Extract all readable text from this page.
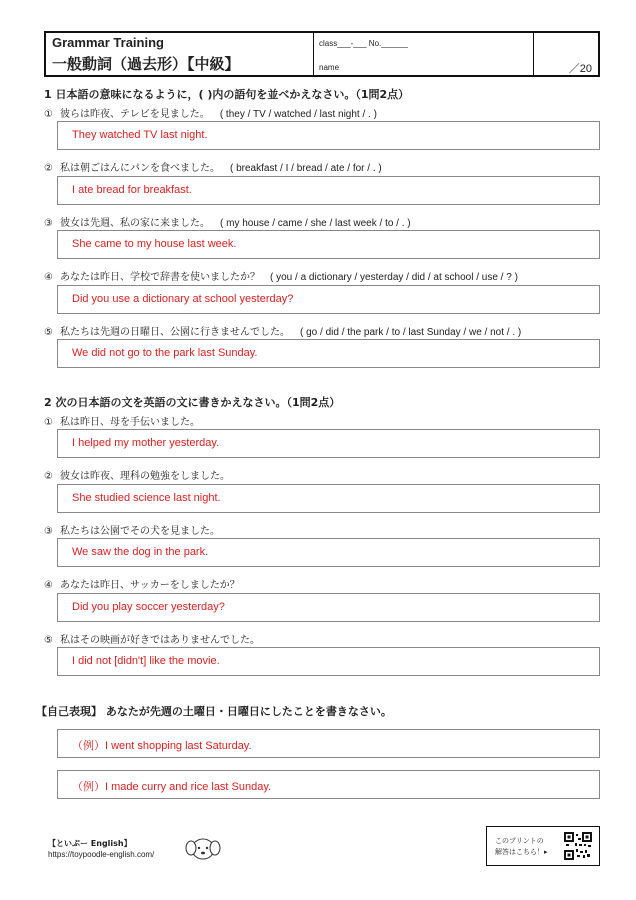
Grammar Training
一般動詞（過去形）【中級】
class___-___ No.______
name	／20
1 日本語の意味になるように，( )内の語句を並べかえなさい。（1問2点）
① 彼らは昨夜、テレビを見ました。 ( they / TV / watched / last night / . )
They watched TV last night.
② 私は朝ごはんにパンを食べました。 ( breakfast / I / bread / ate / for / . )
I ate bread for breakfast.
③ 彼女は先週、私の家に来ました。 ( my house / came / she / last week / to / . )
She came to my house last week.
④ あなたは昨日、学校で辞書を使いましたか？ ( you / a dictionary / yesterday / did / at school / use / ? )
Did you use a dictionary at school yesterday?
⑤ 私たちは先週の日曜日、公園に行きませんでした。 ( go / did / the park / to / last Sunday / we / not / . )
We did not go to the park last Sunday.
2 次の日本語の文を英語の文に書きかえなさい。（1問2点）
① 私は昨日、母を手伝いました。
I helped my mother yesterday.
② 彼女は昨夜、理科の勉強をしました。
She studied science last night.
③ 私たちは公園でその犬を見ました。
We saw the dog in the park.
④ あなたは昨日、サッカーをしましたか？
Did you play soccer yesterday?
⑤ 私はその映画が好きではありませんでした。
I did not [didn't] like the movie.
【自己表現】 あなたが先週の土曜日・日曜日にしたことを書きなさい。
（例）I went shopping last Saturday.
（例）I made curry and rice last Sunday.
【といぷー English】
https://toypoodle-english.com/
このプリントの
解答はこちら！▸
